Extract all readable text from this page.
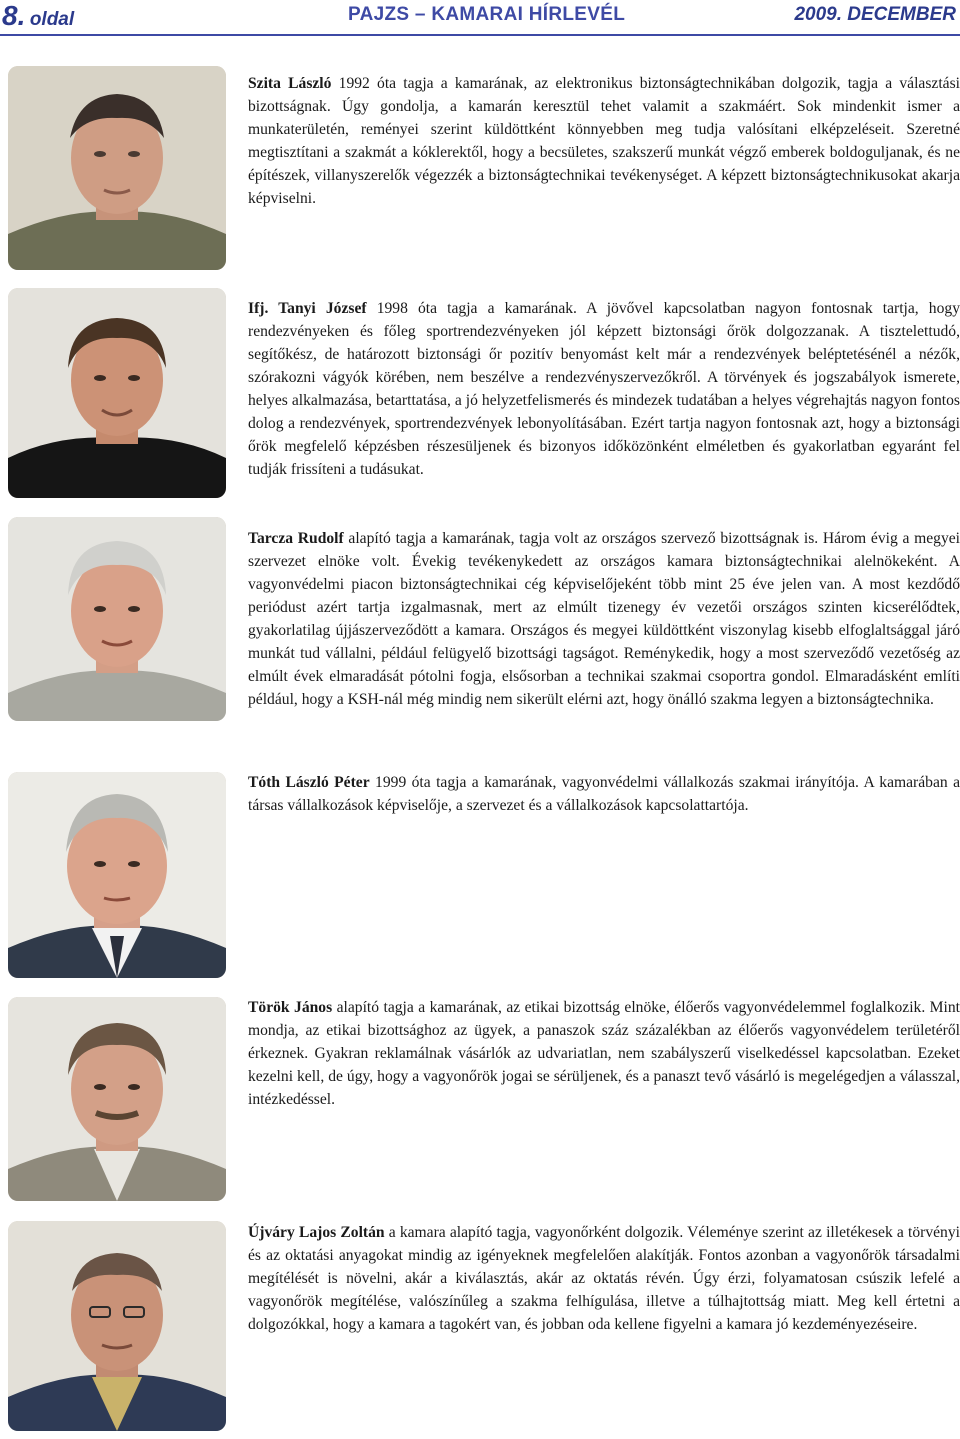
8. oldal	PAJZS – KAMARAI HÍRLEVÉL	2009. DECEMBER
Szita László 1992 óta tagja a kamarának, az elektronikus biztonságtechnikában dolgozik, tagja a választási bizottságnak. Úgy gondolja, a kamarán keresztül tehet valamit a szakmáért. Sok mindenkit ismer a munkaterületén, reményei szerint küldöttként könnyebben meg tudja valósítani elképzeléseit. Szeretné megtisztítani a szakmát a kóklerektől, hogy a becsületes, szakszerű munkát végző emberek boldoguljanak, és ne építészek, villanyszerelők végezzék a biztonságtechnikai tevékenységet. A képzett biztonságtechnikusokat akarja képviselni.
Ifj. Tanyi József 1998 óta tagja a kamarának. A jövővel kapcsolatban nagyon fontosnak tartja, hogy rendezvényeken és főleg sportrendezvényeken jól képzett biztonsági őrök dolgozzanak. A tisztelettudó, segítőkész, de határozott biztonsági őr pozitív benyomást kelt már a rendezvények beléptetésénél a nézők, szórakozni vágyók körében, nem beszélve a rendezvényszervezőkről. A törvények és jogszabályok ismerete, helyes alkalmazása, betarttatása, a jó helyzetfelismerés és mindezek tudatában a helyes végrehajtás nagyon fontos dolog a rendezvények, sportrendezvények lebonyolításában. Ezért tartja nagyon fontosnak azt, hogy a biztonsági őrök megfelelő képzésben részesüljenek és bizonyos időközönként elméletben és gyakorlatban egyaránt fel tudják frissíteni a tudásukat.
Tarcza Rudolf alapító tagja a kamarának, tagja volt az országos szervező bizottságnak is. Három évig a megyei szervezet elnöke volt. Évekig tevékenykedett az országos kamara biztonságtechnikai alelnökeként. A vagyonvédelmi piacon biztonságtechnikai cég képviselőjeként több mint 25 éve jelen van. A most kezdődő periódust azért tartja izgalmasnak, mert az elmúlt tizenegy év vezetői országos szinten kicserélődtek, gyakorlatilag újjászerveződött a kamara. Országos és megyei küldöttként viszonylag kisebb elfoglaltsággal járó munkát tud vállalni, például felügyelő bizottsági tagságot. Reménykedik, hogy a most szerveződő vezetőség az elmúlt évek elmaradását pótolni fogja, elsősorban a technikai szakmai csoportra gondol. Elmaradásként említi például, hogy a KSH-nál még mindig nem sikerült elérni azt, hogy önálló szakma legyen a biztonságtechnika.
Tóth László Péter 1999 óta tagja a kamarának, vagyonvédelmi vállalkozás szakmai irányítója. A kamarában a társas vállalkozások képviselője, a szervezet és a vállalkozások kapcsolattartója.
Török János alapító tagja a kamarának, az etikai bizottság elnöke, élőerős vagyonvédelemmel foglalkozik. Mint mondja, az etikai bizottsághoz az ügyek, a panaszok száz százalékban az élőerős vagyonvédelem területéről érkeznek. Gyakran reklamálnak vásárlók az udvariatlan, nem szabályszerű viselkedéssel kapcsolatban. Ezeket kezelni kell, de úgy, hogy a vagyonőrök jogai se sérüljenek, és a panaszt tevő vásárló is megelégedjen a válasszal, intézkedéssel.
Újváry Lajos Zoltán a kamara alapító tagja, vagyonőrként dolgozik. Véleménye szerint az illetékesek a törvényi és az oktatási anyagokat mindig az igényeknek megfelelően alakítják. Fontos azonban a vagyonőrök társadalmi megítélését is növelni, akár a kiválasztás, akár az oktatás révén. Úgy érzi, folyamatosan csúszik lefelé a vagyonőrök megítélése, valószínűleg a szakma felhígulása, illetve a túlhajtottság miatt. Meg kell értetni a dolgozókkal, hogy a kamara a tagokért van, és jobban oda kellene figyelni a kamara jó kezdeményezéseire.
